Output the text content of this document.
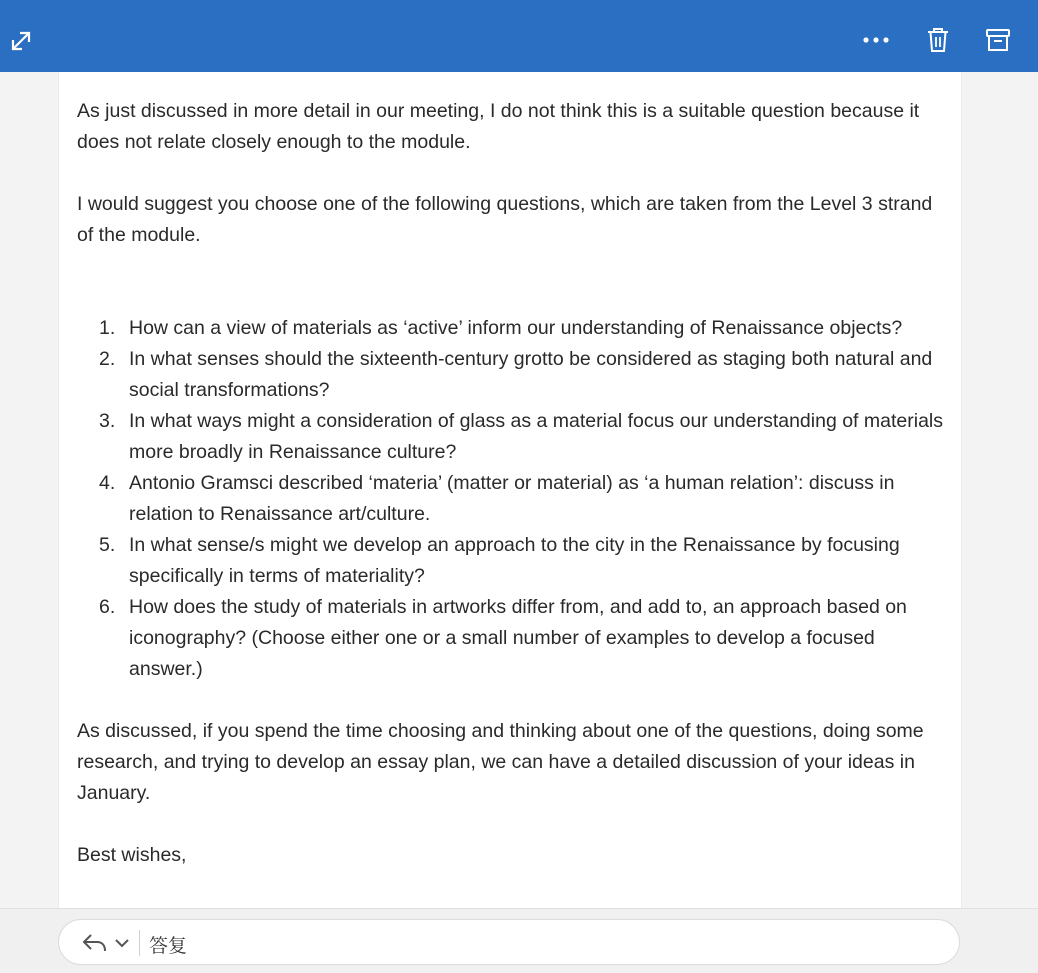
As just discussed in more detail in our meeting, I do not think this is a suitable question because it does not relate closely enough to the module.

I would suggest you choose one of the following questions, which are taken from the Level 3 strand of the module.

1. How can a view of materials as ‘active’ inform our understanding of Renaissance objects?
2. In what senses should the sixteenth-century grotto be considered as staging both natural and social transformations?
3. In what ways might a consideration of glass as a material focus our understanding of materials more broadly in Renaissance culture?
4. Antonio Gramsci described ‘materia’ (matter or material) as ‘a human relation’: discuss in relation to Renaissance art/culture.
5. In what sense/s might we develop an approach to the city in the Renaissance by focusing specifically in terms of materiality?
6. How does the study of materials in artworks differ from, and add to, an approach based on iconography? (Choose either one or a small number of examples to develop a focused answer.)

As discussed, if you spend the time choosing and thinking about one of the questions, doing some research, and trying to develop an essay plan, we can have a detailed discussion of your ideas in January.

Best wishes,

答复
